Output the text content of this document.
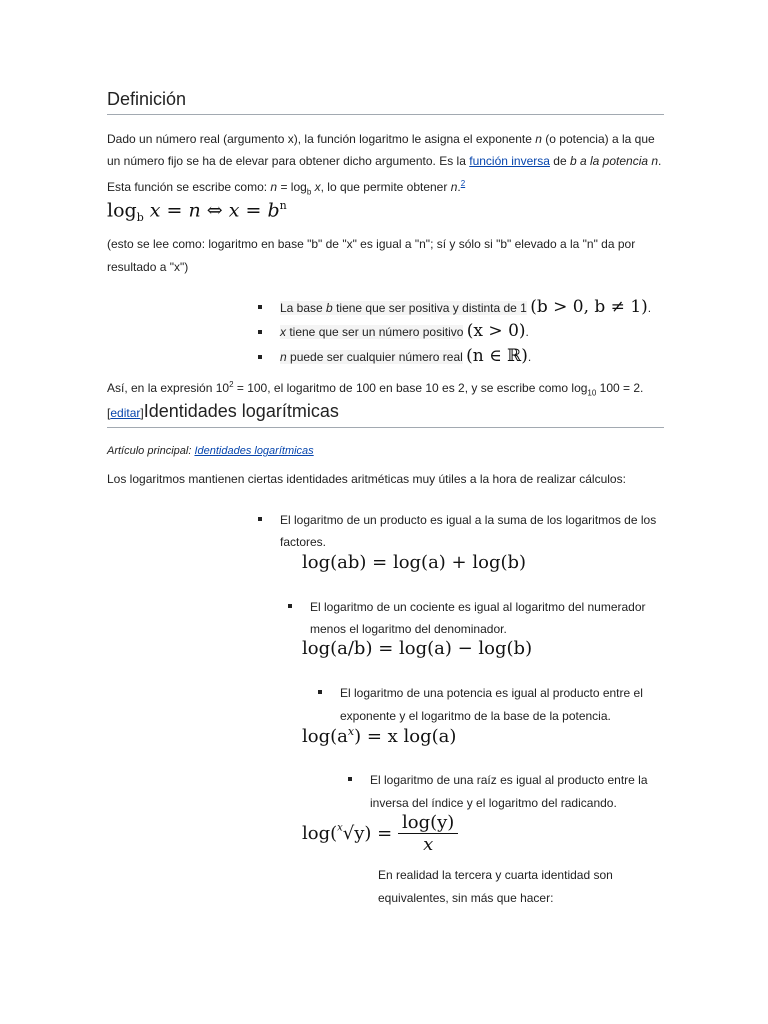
Definición
Dado un número real (argumento x), la función logaritmo le asigna el exponente n (o potencia) a la que
un número fijo se ha de elevar para obtener dicho argumento. Es la función inversa de b a la potencia n.
Esta función se escribe como: $n = \log_b x$, lo que permite obtener n.$^2$
$\log_b x = n$ ⇔ $x = b^n$
(esto se lee como: logaritmo en base "b" de "x" es igual a "n"; sí y sólo si "b" elevado a la "n" da por
resultado a "x")
La base b tiene que ser positiva y distinta de 1 (b > 0, b ≠ 1).
x tiene que ser un número positivo (x > 0).
n puede ser cualquier número real (n ∈ ℝ).
Así, en la expresión $10^2 = 100$, el logaritmo de 100 en base 10 es 2, y se escribe como $\log_{10} 100 = 2$.
[editar]Identidades logarítmicas
Artículo principal: Identidades logarítmicas
Los logaritmos mantienen ciertas identidades aritméticas muy útiles a la hora de realizar cálculos:
El logaritmo de un producto es igual a la suma de los logaritmos de los
factores.
log(ab) = log(a) + log(b)
El logaritmo de un cociente es igual al logaritmo del numerador
menos el logaritmo del denominador.
log(a/b) = log(a) − log(b)
El logaritmo de una potencia es igual al producto entre el
exponente y el logaritmo de la base de la potencia.
$\log(a^x) = x$ log(a)
El logaritmo de una raíz es igual al producto entre la
inversa del índice y el logaritmo del radicando.
$\log(^x√y) = \frac{\log(y)}{x}$
En realidad la tercera y cuarta identidad son
equivalentes, sin más que hacer:
